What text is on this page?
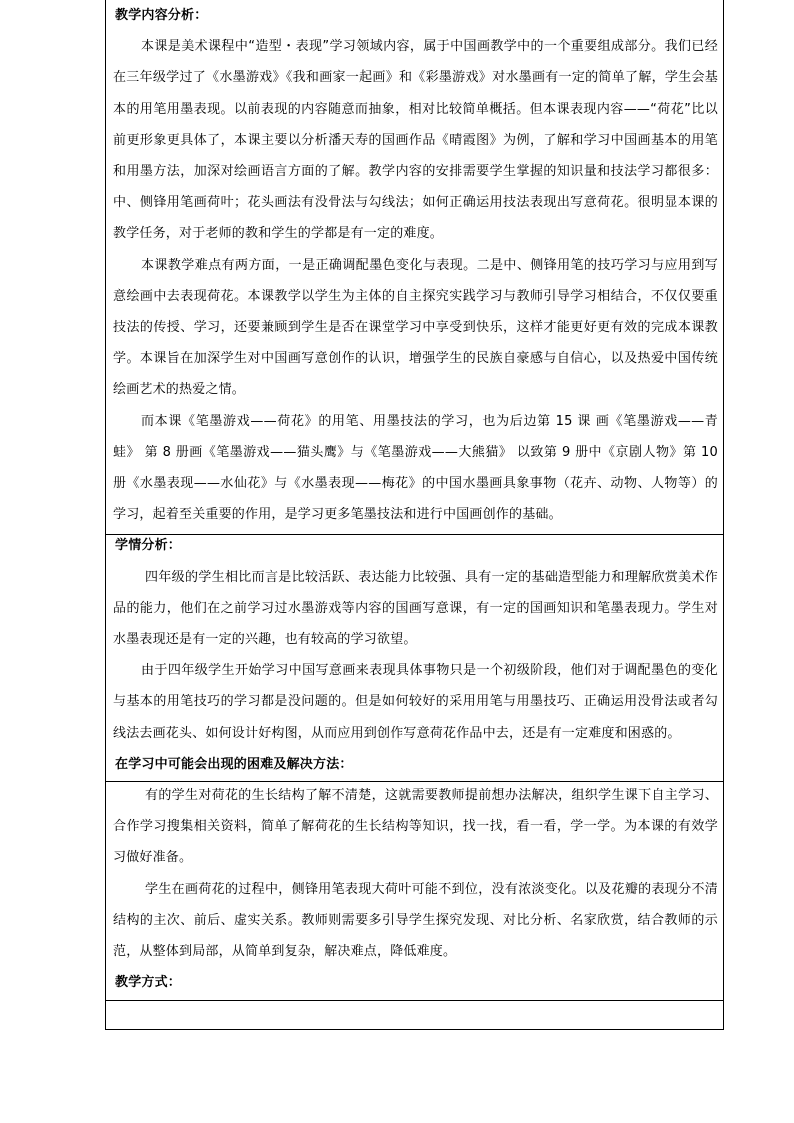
教学内容分析：

本课是美术课程中“造型・表现”学习领域内容，属于中国画教学中的一个重要组成部分。我们已经在三年级学过了《水墨游戏》《我和画家一起画》和《彩墨游戏》对水墨画有一定的简单了解，学生会基本的用笔用墨表现。以前表现的内容随意而抽象，相对比较简单概括。但本课表现内容——“荷花”比以前更形象更具体了，本课主要以分析潘天寿的国画作品《晴霞图》为例，了解和学习中国画基本的用笔和用墨方法，加深对绘画语言方面的了解。教学内容的安排需要学生掌握的知识量和技法学习都很多：中、侧锋用笔画荷叶；花头画法有没骨法与勾线法；如何正确运用技法表现出写意荷花。很明显本课的教学任务，对于老师的教和学生的学都是有一定的难度。

本课教学难点有两方面，一是正确调配墨色变化与表现。二是中、侧锋用笔的技巧学习与应用到写意绘画中去表现荷花。本课教学以学生为主体的自主探究实践学习与教师引导学习相结合，不仅仅要重技法的传授、学习，还要兼顾到学生是否在课堂学习中享受到快乐，这样才能更好更有效的完成本课教学。本课旨在加深学生对中国画写意创作的认识，增强学生的民族自豪感与自信心，以及热爱中国传统绘画艺术的热爱之情。

而本课《笔墨游戏——荷花》的用笔、用墨技法的学习，也为后边第 15 课 画《笔墨游戏——青蛙》 第 8 册画《笔墨游戏——猫头鹰》与《笔墨游戏——大熊猫》 以致第 9 册中《京剧人物》第 10 册《水墨表现——水仙花》与《水墨表现——梅花》的中国水墨画具象事物（花卉、动物、人物等）的学习，起着至关重要的作用，是学习更多笔墨技法和进行中国画创作的基础。

学情分析：

四年级的学生相比而言是比较活跃、表达能力比较强、具有一定的基础造型能力和理解欣赏美术作品的能力，他们在之前学习过水墨游戏等内容的国画写意课，有一定的国画知识和笔墨表现力。学生对水墨表现还是有一定的兴趣，也有较高的学习欲望。

由于四年级学生开始学习中国写意画来表现具体事物只是一个初级阶段，他们对于调配墨色的变化与基本的用笔技巧的学习都是没问题的。但是如何较好的采用用笔与用墨技巧、正确运用没骨法或者勾线法去画花头、如何设计好构图，从而应用到创作写意荷花作品中去，还是有一定难度和困惑的。

在学习中可能会出现的困难及解决方法：

有的学生对荷花的生长结构了解不清楚，这就需要教师提前想办法解决，组织学生课下自主学习、合作学习搜集相关资料，简单了解荷花的生长结构等知识，找一找，看一看，学一学。为本课的有效学习做好准备。

学生在画荷花的过程中，侧锋用笔表现大荷叶可能不到位，没有浓淡变化。以及花瓣的表现分不清结构的主次、前后、虚实关系。教师则需要多引导学生探究发现、对比分析、名家欣赏，结合教师的示范，从整体到局部，从简单到复杂，解决难点，降低难度。

教学方式：
